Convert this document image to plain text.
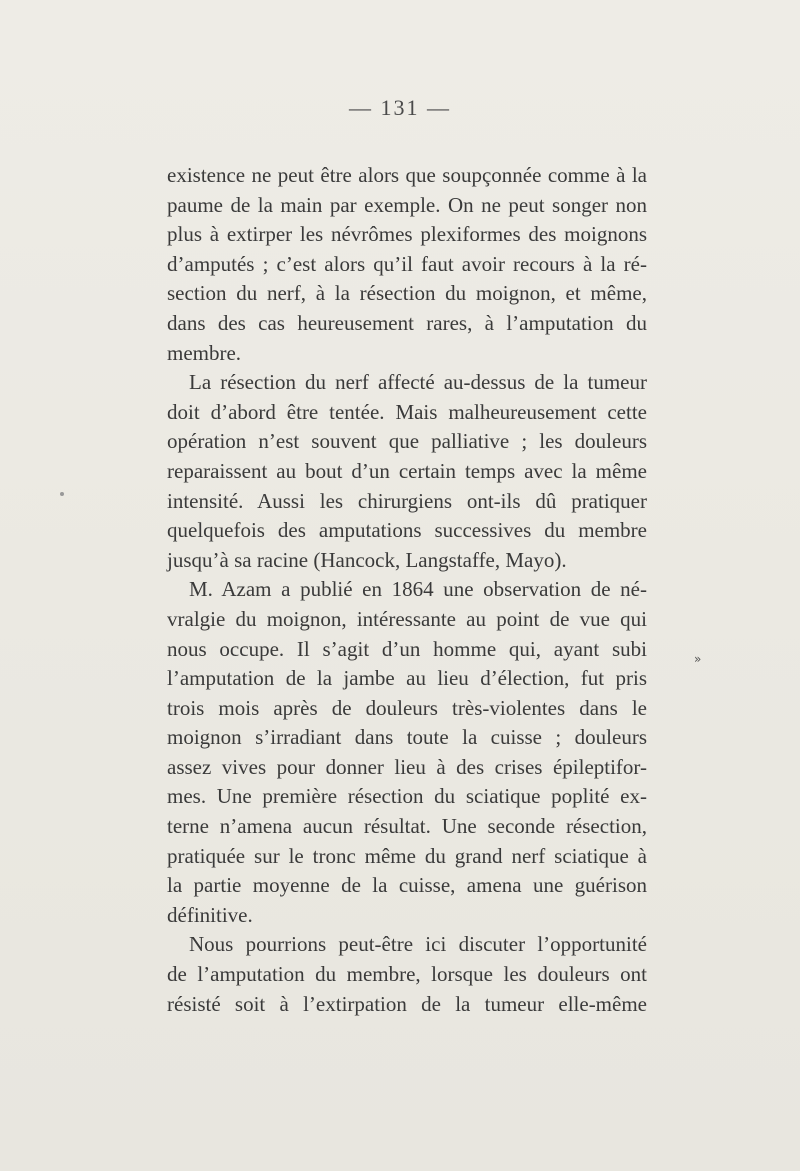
— 131 —

existence ne peut être alors que soupçonnée comme à la
paume de la main par exemple. On ne peut songer non
plus à extirper les névrômes plexiformes des moignons
d’amputés ; c’est alors qu’il faut avoir recours à la ré-
section du nerf, à la résection du moignon, et même,
dans des cas heureusement rares, à l’amputation du
membre.

La résection du nerf affecté au-dessus de la tumeur
doit d’abord être tentée. Mais malheureusement cette
opération n’est souvent que palliative ; les douleurs
reparaissent au bout d’un certain temps avec la même
intensité. Aussi les chirurgiens ont-ils dû pratiquer
quelquefois des amputations successives du membre
jusqu’à sa racine (Hancock, Langstaffe, Mayo).

M. Azam a publié en 1864 une observation de né-
vralgie du moignon, intéressante au point de vue qui
nous occupe. Il s’agit d’un homme qui, ayant subi
l’amputation de la jambe au lieu d’élection, fut pris
trois mois après de douleurs très-violentes dans le
moignon s’irradiant dans toute la cuisse ; douleurs
assez vives pour donner lieu à des crises épileptifor-
mes. Une première résection du sciatique poplité ex-
terne n’amena aucun résultat. Une seconde résection,
pratiquée sur le tronc même du grand nerf sciatique à
la partie moyenne de la cuisse, amena une guérison
définitive.

Nous pourrions peut-être ici discuter l’opportunité
de l’amputation du membre, lorsque les douleurs ont
résisté soit à l’extirpation de la tumeur elle-même

»
